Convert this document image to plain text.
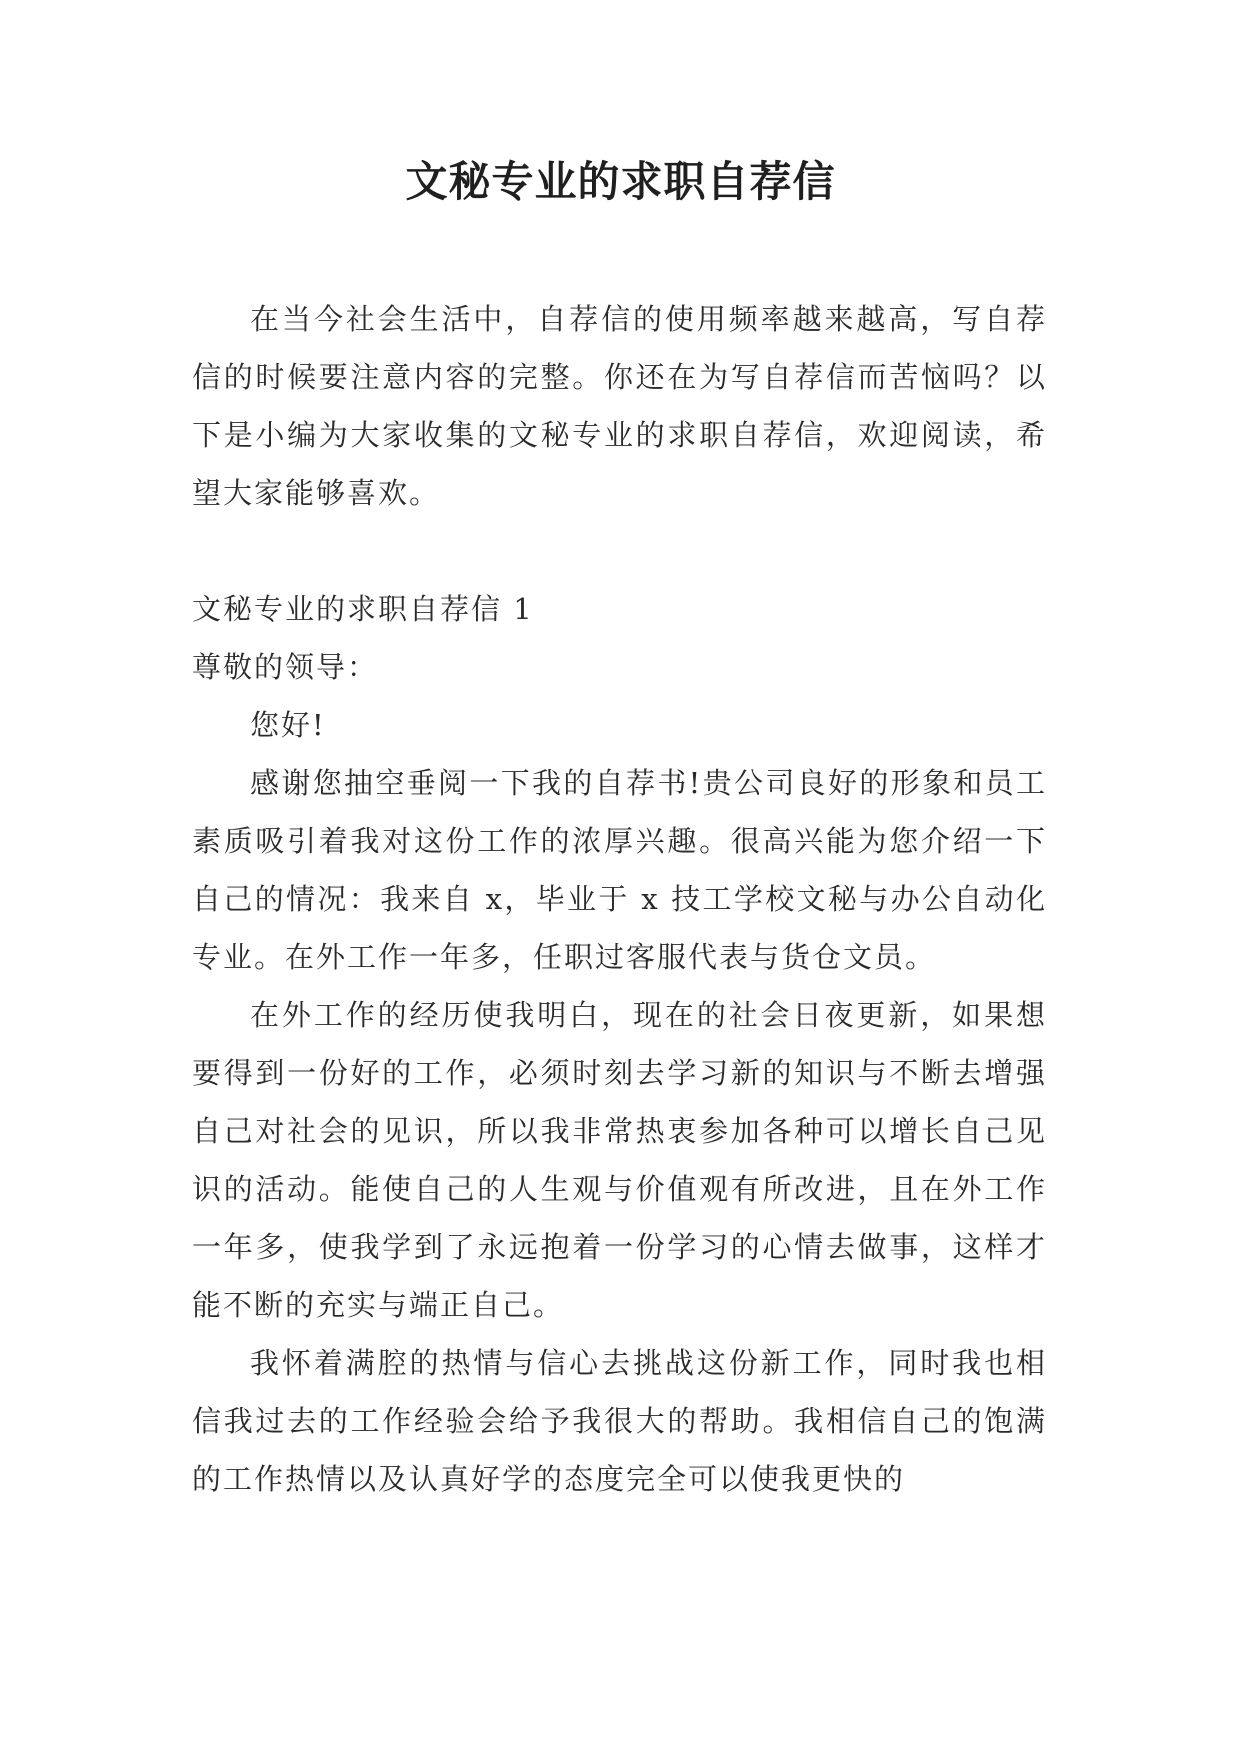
文秘专业的求职自荐信

在当今社会生活中，自荐信的使用频率越来越高，写自荐信的时候要注意内容的完整。你还在为写自荐信而苦恼吗？以下是小编为大家收集的文秘专业的求职自荐信，欢迎阅读，希望大家能够喜欢。

文秘专业的求职自荐信 1

尊敬的领导：

您好!

感谢您抽空垂阅一下我的自荐书!贵公司良好的形象和员工素质吸引着我对这份工作的浓厚兴趣。很高兴能为您介绍一下自己的情况：我来自 x，毕业于 x 技工学校文秘与办公自动化专业。在外工作一年多，任职过客服代表与货仓文员。

在外工作的经历使我明白，现在的社会日夜更新，如果想要得到一份好的工作，必须时刻去学习新的知识与不断去增强自己对社会的见识，所以我非常热衷参加各种可以增长自己见识的活动。能使自己的人生观与价值观有所改进，且在外工作一年多，使我学到了永远抱着一份学习的心情去做事，这样才能不断的充实与端正自己。

我怀着满腔的热情与信心去挑战这份新工作，同时我也相信我过去的工作经验会给予我很大的帮助。我相信自己的饱满的工作热情以及认真好学的态度完全可以使我更快的
